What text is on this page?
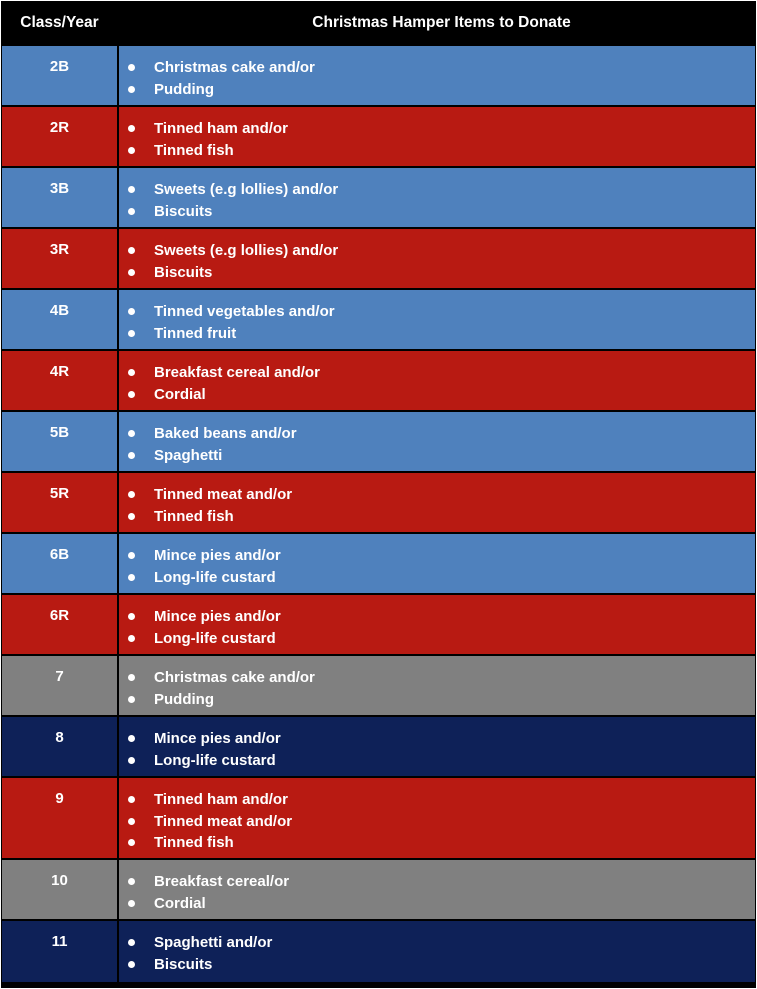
Class/Year	Christmas Hamper Items to Donate
2B	Christmas cake and/or
Pudding
2R	Tinned ham and/or
Tinned fish
3B	Sweets (e.g lollies) and/or
Biscuits
3R	Sweets (e.g lollies) and/or
Biscuits
4B	Tinned vegetables and/or
Tinned fruit
4R	Breakfast cereal and/or
Cordial
5B	Baked beans and/or
Spaghetti
5R	Tinned meat and/or
Tinned fish
6B	Mince pies and/or
Long-life custard
6R	Mince pies and/or
Long-life custard
7	Christmas cake and/or
Pudding
8	Mince pies and/or
Long-life custard
9	Tinned ham and/or
Tinned meat and/or
Tinned fish
10	Breakfast cereal/or
Cordial
11	Spaghetti and/or
Biscuits
